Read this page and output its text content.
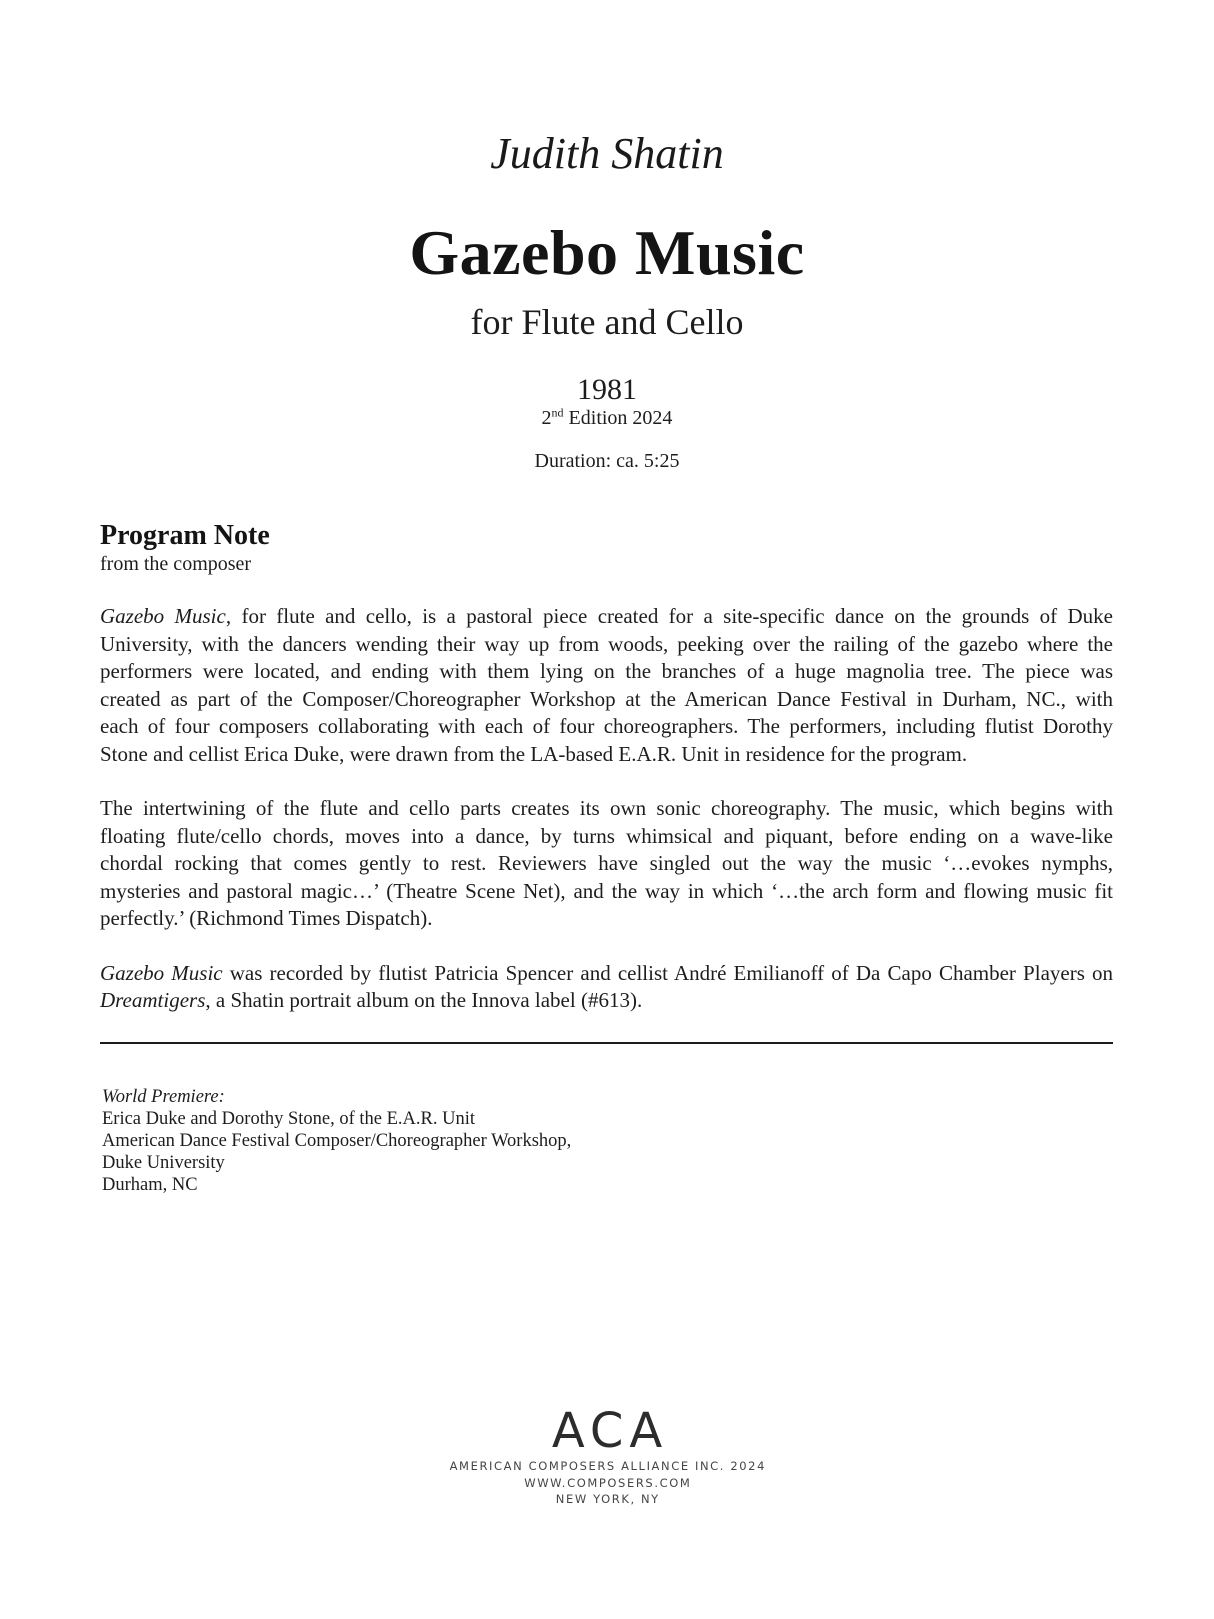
Judith Shatin
Gazebo Music
for Flute and Cello
1981
2nd Edition 2024
Duration: ca. 5:25
Program Note
from the composer
Gazebo Music, for flute and cello, is a pastoral piece created for a site-specific dance on the grounds of Duke
University, with the dancers wending their way up from woods, peeking over the railing of the gazebo where the
performers were located, and ending with them lying on the branches of a huge magnolia tree. The piece was
created as part of the Composer/Choreographer Workshop at the American Dance Festival in Durham, NC., with
each of four composers collaborating with each of four choreographers. The performers, including flutist Dorothy
Stone and cellist Erica Duke, were drawn from the LA-based E.A.R. Unit in residence for the program.
The intertwining of the flute and cello parts creates its own sonic choreography. The music, which begins with
floating flute/cello chords, moves into a dance, by turns whimsical and piquant, before ending on a wave-like
chordal rocking that comes gently to rest. Reviewers have singled out the way the music ‘…evokes nymphs,
mysteries and pastoral magic…’ (Theatre Scene Net), and the way in which ‘…the arch form and flowing music fit
perfectly.’ (Richmond Times Dispatch).
Gazebo Music was recorded by flutist Patricia Spencer and cellist André Emilianoff of Da Capo Chamber Players on
Dreamtigers, a Shatin portrait album on the Innova label (#613).
World Premiere:
Erica Duke and Dorothy Stone, of the E.A.R. Unit
American Dance Festival Composer/Choreographer Workshop,
Duke University
Durham, NC
ACA
AMERICAN COMPOSERS ALLIANCE INC. 2024
WWW.COMPOSERS.COM
NEW YORK, NY
